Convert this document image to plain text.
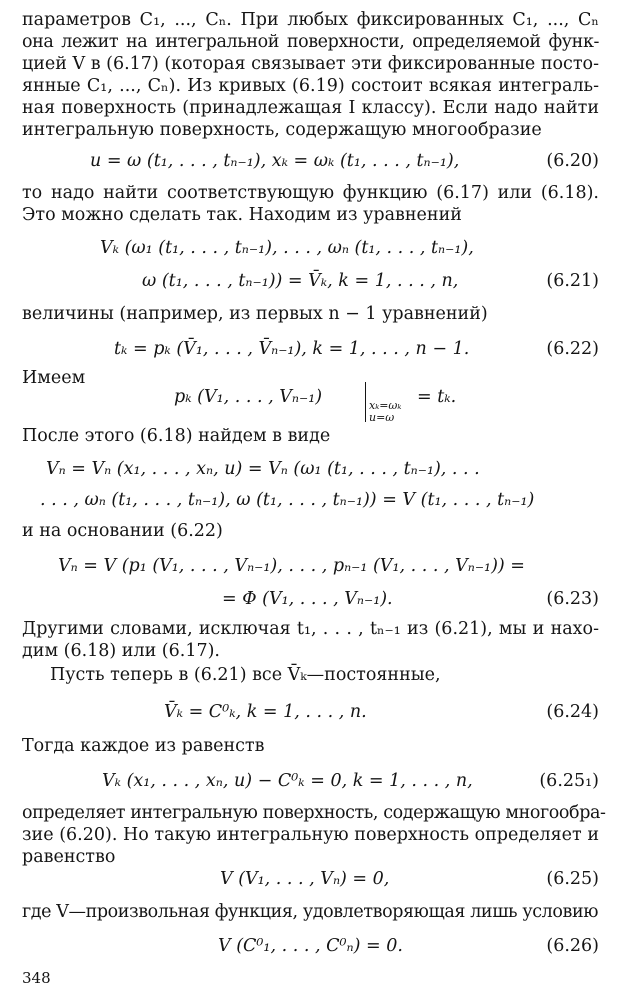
параметров C₁, ..., Cₙ. При любых фиксированных C₁, ..., Cₙ
она лежит на интегральной поверхности, определяемой функ-
цией V в (6.17) (которая связывает эти фиксированные посто-
янные C₁, ..., Cₙ). Из кривых (6.19) состоит всякая интеграль-
ная поверхность (принадлежащая I классу). Если надо найти
интегральную поверхность, содержащую многообразие
u = ω (t₁, . . . , tₙ₋₁), xₖ = ωₖ (t₁, . . . , tₙ₋₁),	(6.20)
то надо найти соответствующую функцию (6.17) или (6.18).
Это можно сделать так. Находим из уравнений
Vₖ (ω₁ (t₁, . . . , tₙ₋₁), . . . , ωₙ (t₁, . . . , tₙ₋₁),
ω (t₁, . . . , tₙ₋₁)) = V̄ₖ, k = 1, . . . , n,	(6.21)
величины (например, из первых n − 1 уравнений)
tₖ = pₖ (V̄₁, . . . , V̄ₙ₋₁), k = 1, . . . , n − 1.	(6.22)
Имеем
pₖ (V₁, . . . , Vₙ₋₁)	xₖ=ωₖ
u=ω
= tₖ.
После этого (6.18) найдем в виде
Vₙ = Vₙ (x₁, . . . , xₙ, u) = Vₙ (ω₁ (t₁, . . . , tₙ₋₁), . . .
. . . , ωₙ (t₁, . . . , tₙ₋₁), ω (t₁, . . . , tₙ₋₁)) = V (t₁, . . . , tₙ₋₁)
и на основании (6.22)
Vₙ = V (p₁ (V₁, . . . , Vₙ₋₁), . . . , pₙ₋₁ (V₁, . . . , Vₙ₋₁)) =
= Φ (V₁, . . . , Vₙ₋₁).	(6.23)
Другими словами, исключая t₁, . . . , tₙ₋₁ из (6.21), мы и нахо-
дим (6.18) или (6.17).
Пусть теперь в (6.21) все V̄ₖ—постоянные,
V̄ₖ = C⁰ₖ, k = 1, . . . , n.	(6.24)
Тогда каждое из равенств
Vₖ (x₁, . . . , xₙ, u) − C⁰ₖ = 0, k = 1, . . . , n,	(6.25₁)
определяет интегральную поверхность, содержащую многообра-
зие (6.20). Но такую интегральную поверхность определяет и
равенство
V (V₁, . . . , Vₙ) = 0,	(6.25)
где V—произвольная функция, удовлетворяющая лишь условию
V (C⁰₁, . . . , C⁰ₙ) = 0.	(6.26)
348
